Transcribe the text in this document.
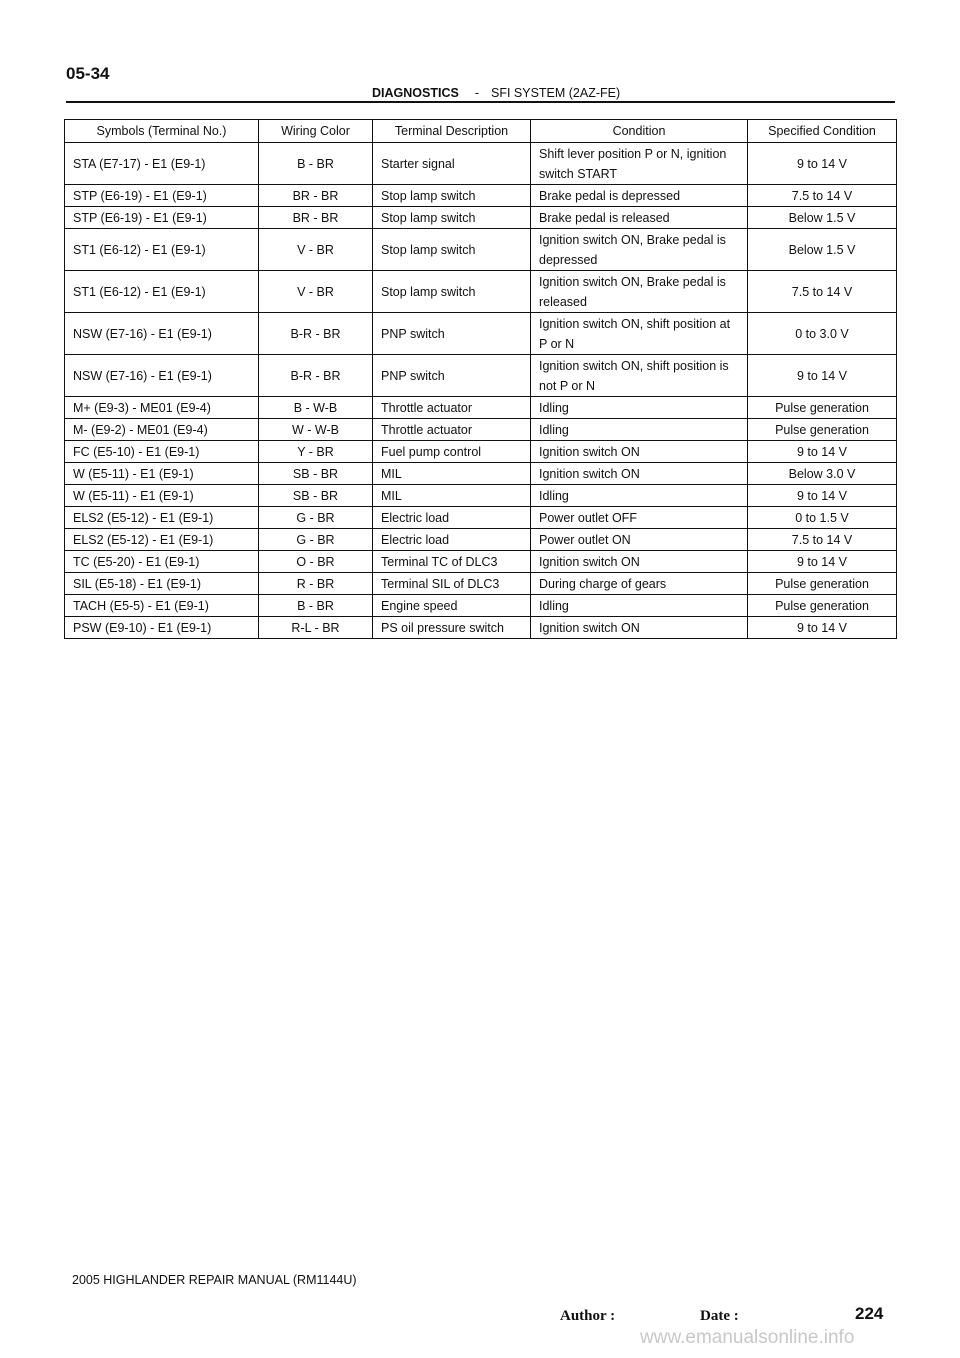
05-34
DIAGNOSTICS - SFI SYSTEM (2AZ-FE)
Symbols (Terminal No.)	Wiring Color	Terminal Description	Condition	Specified Condition
STA (E7-17) - E1 (E9-1)	B - BR	Starter signal	Shift lever position P or N, ignition
switch START	9 to 14 V
STP (E6-19) - E1 (E9-1)	BR - BR	Stop lamp switch	Brake pedal is depressed	7.5 to 14 V
STP (E6-19) - E1 (E9-1)	BR - BR	Stop lamp switch	Brake pedal is released	Below 1.5 V
ST1 (E6-12) - E1 (E9-1)	V - BR	Stop lamp switch	Ignition switch ON, Brake pedal is
depressed	Below 1.5 V
ST1 (E6-12) - E1 (E9-1)	V - BR	Stop lamp switch	Ignition switch ON, Brake pedal is
released	7.5 to 14 V
NSW (E7-16) - E1 (E9-1)	B-R - BR	PNP switch	Ignition switch ON, shift position at
P or N	0 to 3.0 V
NSW (E7-16) - E1 (E9-1)	B-R - BR	PNP switch	Ignition switch ON, shift position is
not P or N	9 to 14 V
M+ (E9-3) - ME01 (E9-4)	B - W-B	Throttle actuator	Idling	Pulse generation
M- (E9-2) - ME01 (E9-4)	W - W-B	Throttle actuator	Idling	Pulse generation
FC (E5-10) - E1 (E9-1)	Y - BR	Fuel pump control	Ignition switch ON	9 to 14 V
W (E5-11) - E1 (E9-1)	SB - BR	MIL	Ignition switch ON	Below 3.0 V
W (E5-11) - E1 (E9-1)	SB - BR	MIL	Idling	9 to 14 V
ELS2 (E5-12) - E1 (E9-1)	G - BR	Electric load	Power outlet OFF	0 to 1.5 V
ELS2 (E5-12) - E1 (E9-1)	G - BR	Electric load	Power outlet ON	7.5 to 14 V
TC (E5-20) - E1 (E9-1)	O - BR	Terminal TC of DLC3	Ignition switch ON	9 to 14 V
SIL (E5-18) - E1 (E9-1)	R - BR	Terminal SIL of DLC3	During charge of gears	Pulse generation
TACH (E5-5) - E1 (E9-1)	B - BR	Engine speed	Idling	Pulse generation
PSW (E9-10) - E1 (E9-1)	R-L - BR	PS oil pressure switch	Ignition switch ON	9 to 14 V
2005 HIGHLANDER REPAIR MANUAL (RM1144U)
Author :	Date :	224
www.emanualsonline.info
